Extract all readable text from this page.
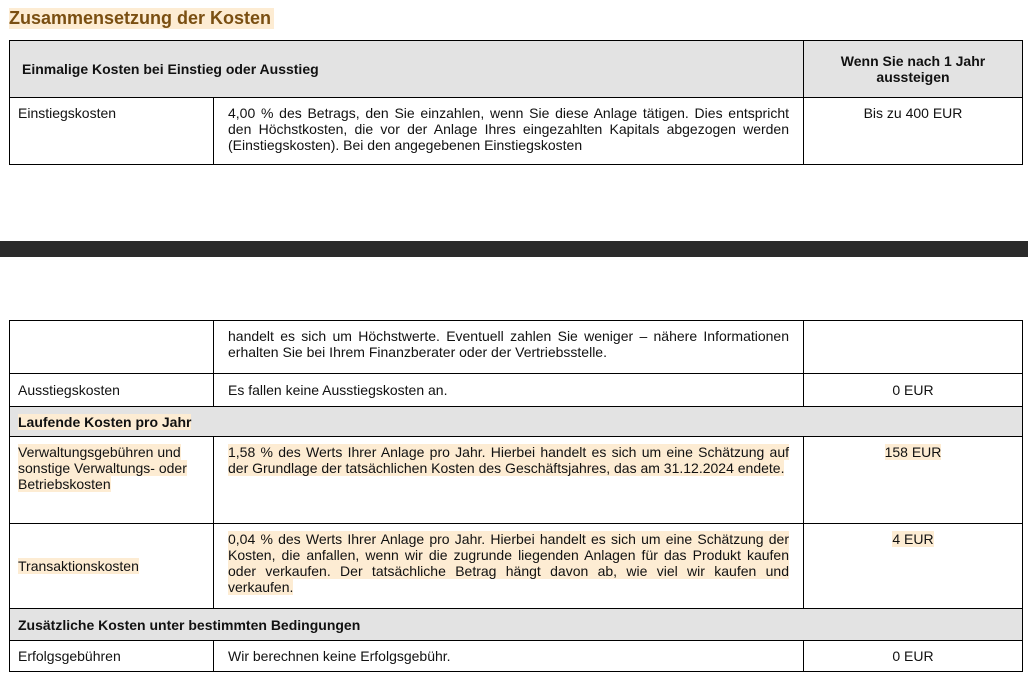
Zusammensetzung der Kosten
Einmalige Kosten bei Einstieg oder Ausstieg		Wenn Sie nach 1 Jahr aussteigen
Einstiegskosten	4,00 % des Betrags, den Sie einzahlen, wenn Sie diese Anlage tätigen. Dies entspricht den Höchstkosten, die vor der Anlage Ihres eingezahlten Kapitals abgezogen werden (Einstiegskosten). Bei den angegebenen Einstiegskosten	Bis zu 400 EUR
	handelt es sich um Höchstwerte. Eventuell zahlen Sie weniger – nähere Informationen erhalten Sie bei Ihrem Finanzberater oder der Vertriebsstelle.	
Ausstiegskosten	Es fallen keine Ausstiegskosten an.	0 EUR
Laufende Kosten pro Jahr		
Verwaltungsgebühren und sonstige Verwaltungs- oder Betriebskosten	1,58 % des Werts Ihrer Anlage pro Jahr. Hierbei handelt es sich um eine Schätzung auf der Grundlage der tatsächlichen Kosten des Geschäftsjahres, das am 31.12.2024 endete.	158 EUR
Transaktionskosten	0,04 % des Werts Ihrer Anlage pro Jahr. Hierbei handelt es sich um eine Schätzung der Kosten, die anfallen, wenn wir die zugrunde liegenden Anlagen für das Produkt kaufen oder verkaufen. Der tatsächliche Betrag hängt davon ab, wie viel wir kaufen und verkaufen.	4 EUR
Zusätzliche Kosten unter bestimmten Bedingungen		
Erfolgsgebühren	Wir berechnen keine Erfolgsgebühr.	0 EUR
